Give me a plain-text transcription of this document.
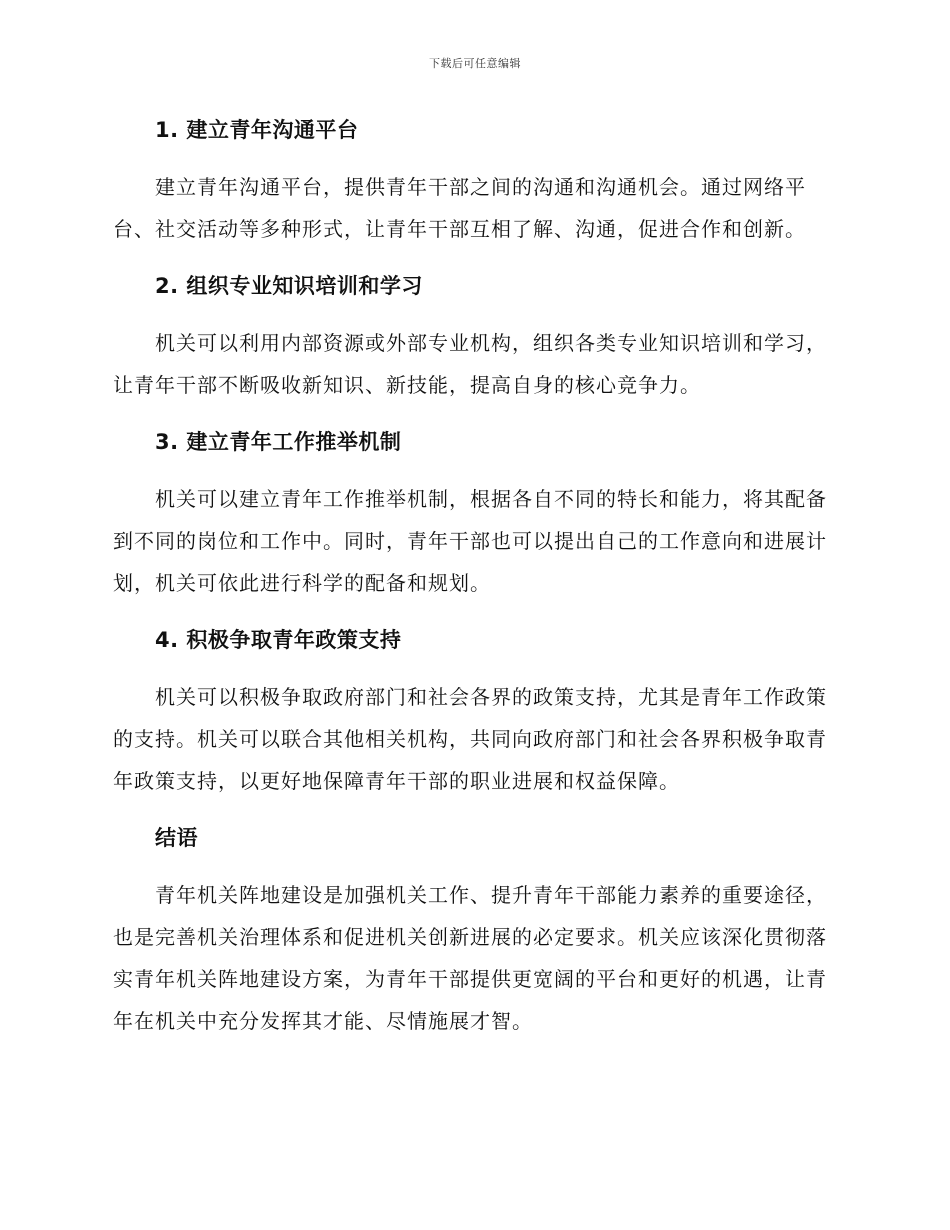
下载后可任意编辑
1. 建立青年沟通平台

建立青年沟通平台，提供青年干部之间的沟通和沟通机会。通过网络平台、社交活动等多种形式，让青年干部互相了解、沟通，促进合作和创新。

2. 组织专业知识培训和学习

机关可以利用内部资源或外部专业机构，组织各类专业知识培训和学习，让青年干部不断吸收新知识、新技能，提高自身的核心竞争力。

3. 建立青年工作推举机制

机关可以建立青年工作推举机制，根据各自不同的特长和能力，将其配备到不同的岗位和工作中。同时，青年干部也可以提出自己的工作意向和进展计划，机关可依此进行科学的配备和规划。

4. 积极争取青年政策支持

机关可以积极争取政府部门和社会各界的政策支持，尤其是青年工作政策的支持。机关可以联合其他相关机构，共同向政府部门和社会各界积极争取青年政策支持，以更好地保障青年干部的职业进展和权益保障。

结语

青年机关阵地建设是加强机关工作、提升青年干部能力素养的重要途径，也是完善机关治理体系和促进机关创新进展的必定要求。机关应该深化贯彻落实青年机关阵地建设方案，为青年干部提供更宽阔的平台和更好的机遇，让青年在机关中充分发挥其才能、尽情施展才智。
